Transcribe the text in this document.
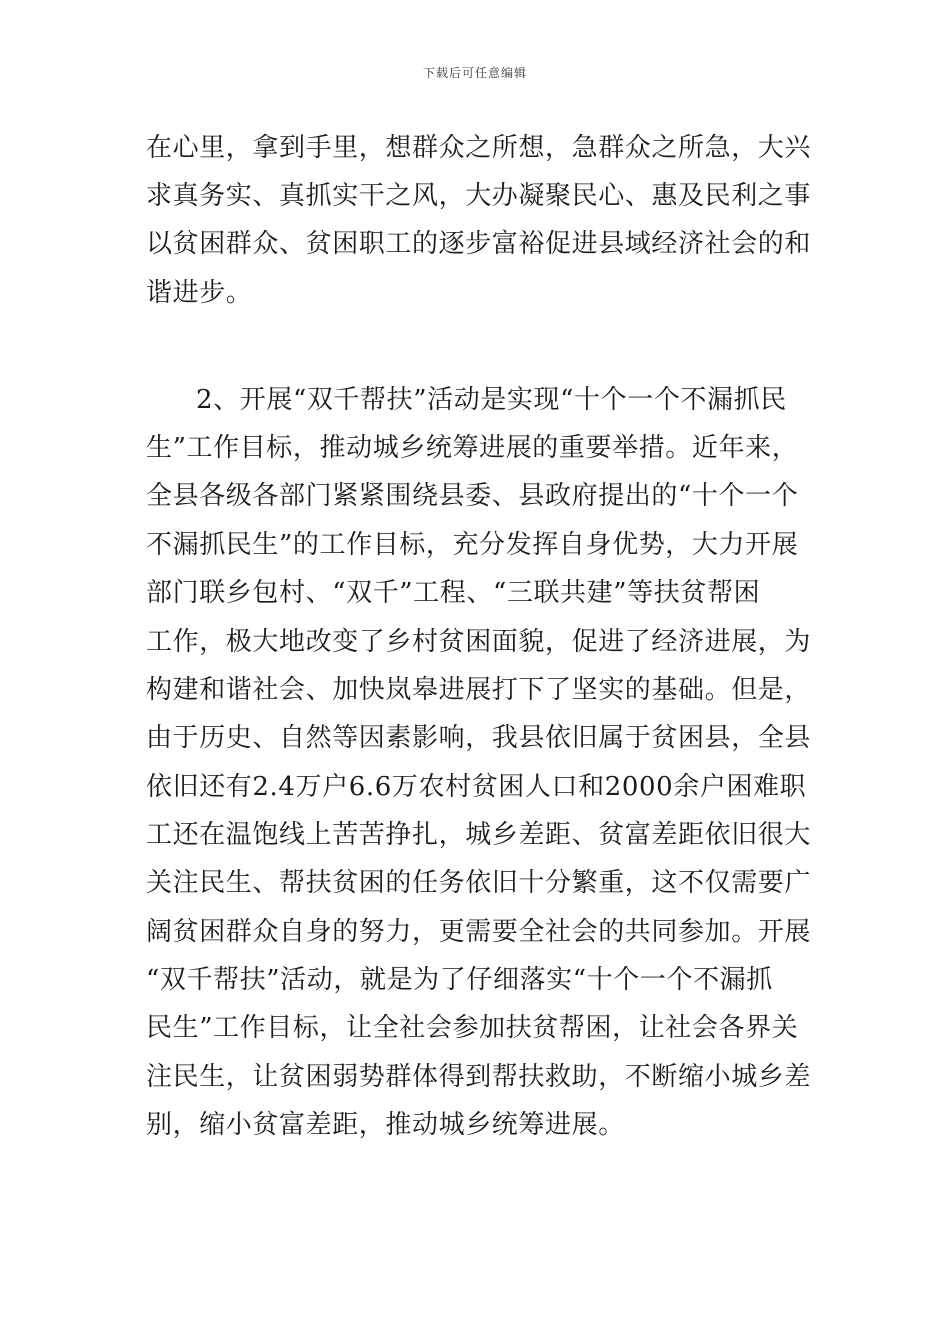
下载后可任意编辑
在心里，拿到手里，想群众之所想，急群众之所急，大兴
求真务实、真抓实干之风，大办凝聚民心、惠及民利之事
以贫困群众、贫困职工的逐步富裕促进县域经济社会的和
谐进步。
2、开展“双千帮扶”活动是实现“十个一个不漏抓民
生”工作目标，推动城乡统筹进展的重要举措。近年来，
全县各级各部门紧紧围绕县委、县政府提出的“十个一个
不漏抓民生”的工作目标，充分发挥自身优势，大力开展
部门联乡包村、“双千”工程、“三联共建”等扶贫帮困
工作，极大地改变了乡村贫困面貌，促进了经济进展，为
构建和谐社会、加快岚皋进展打下了坚实的基础。但是，
由于历史、自然等因素影响，我县依旧属于贫困县，全县
依旧还有2.4万户6.6万农村贫困人口和2000余户困难职
工还在温饱线上苦苦挣扎，城乡差距、贫富差距依旧很大
关注民生、帮扶贫困的任务依旧十分繁重，这不仅需要广
阔贫困群众自身的努力，更需要全社会的共同参加。开展
“双千帮扶”活动，就是为了仔细落实“十个一个不漏抓
民生”工作目标，让全社会参加扶贫帮困，让社会各界关
注民生，让贫困弱势群体得到帮扶救助，不断缩小城乡差
别，缩小贫富差距，推动城乡统筹进展。
